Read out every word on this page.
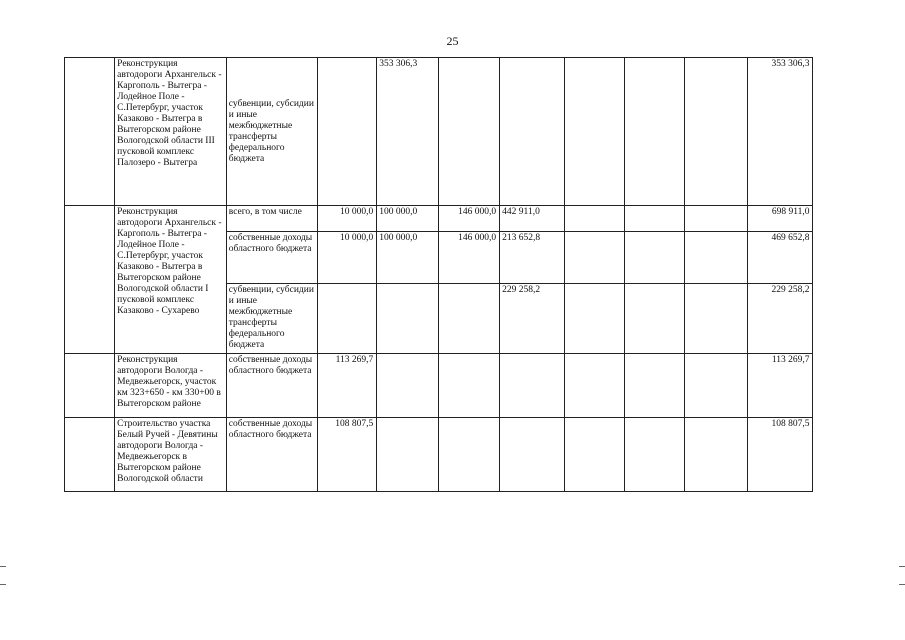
25
	Реконструкция автодороги Архангельск - Каргополь - Вытегра - Лодейное Поле - С.Петербург, участок Казаково - Вытегра в Вытегорском районе Вологодской области III пусковой комплекс Палозеро - Вытегра	субвенции, субсидии и иные межбюджетные трансферты федерального бюджета		353 306,3						353 306,3
	Реконструкция автодороги Архангельск - Каргополь - Вытегра - Лодейное Поле - С.Петербург, участок Казаково - Вытегра в Вытегорском районе Вологодской области I пусковой комплекс Казаково - Сухарево	всего, в том числе	10 000,0	100 000,0	146 000,0	442 911,0				698 911,0
		собственные доходы областного бюджета	10 000,0	100 000,0	146 000,0	213 652,8				469 652,8
		субвенции, субсидии и иные межбюджетные трансферты федерального бюджета				229 258,2				229 258,2
	Реконструкция автодороги Вологда - Медвежьегорск, участок км 323+650 - км 330+00 в Вытегорском районе	собственные доходы областного бюджета	113 269,7							113 269,7
	Строительство участка Белый Ручей - Девятины автодороги Вологда - Медвежьегорск в Вытегорском районе Вологодской области	собственные доходы областного бюджета	108 807,5							108 807,5
